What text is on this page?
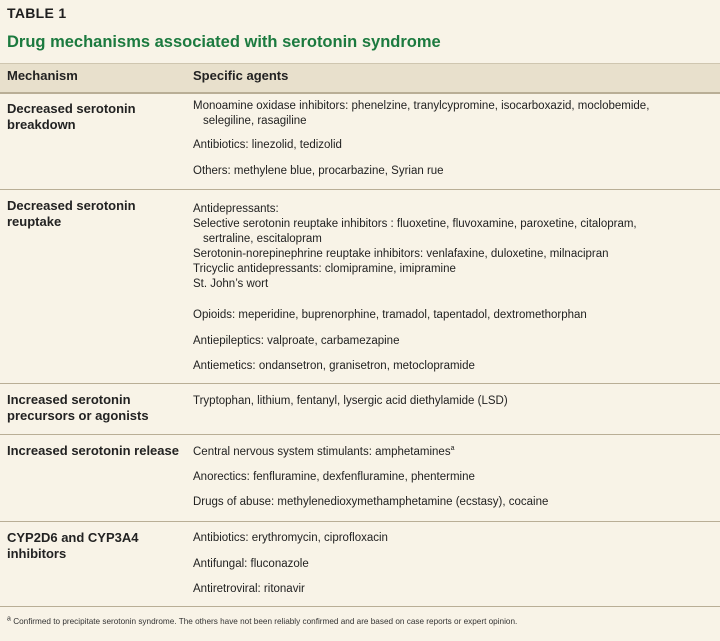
TABLE 1
Drug mechanisms associated with serotonin syndrome
Mechanism	Specific agents
Decreased serotonin breakdown
Monoamine oxidase inhibitors: phenelzine, tranylcypromine, isocarboxazid, moclobemide,
selegiline, rasagiline
Antibiotics: linezolid, tedizolid
Others: methylene blue, procarbazine, Syrian rue
Decreased serotonin reuptake
Antidepressants:
Selective serotonin reuptake inhibitors : fluoxetine, fluvoxamine, paroxetine, citalopram,
sertraline, escitalopram
Serotonin-norepinephrine reuptake inhibitors: venlafaxine, duloxetine, milnacipran
Tricyclic antidepressants: clomipramine, imipramine
St. John’s wort
Opioids: meperidine, buprenorphine, tramadol, tapentadol, dextromethorphan
Antiepileptics: valproate, carbamezapine
Antiemetics: ondansetron, granisetron, metoclopramide
Increased serotonin precursors or agonists
Tryptophan, lithium, fentanyl, lysergic acid diethylamide (LSD)
Increased serotonin release	Central nervous system stimulants: amphetamines$^a$
Anorectics: fenfluramine, dexfenfluramine, phentermine
Drugs of abuse: methylenedioxymethamphetamine (ecstasy), cocaine
CYP2D6 and CYP3A4 inhibitors
Antibiotics: erythromycin, ciprofloxacin
Antifungal: fluconazole
Antiretroviral: ritonavir
$^a$ Confirmed to precipitate serotonin syndrome. The others have not been reliably confirmed and are based on case reports or expert opinion.
